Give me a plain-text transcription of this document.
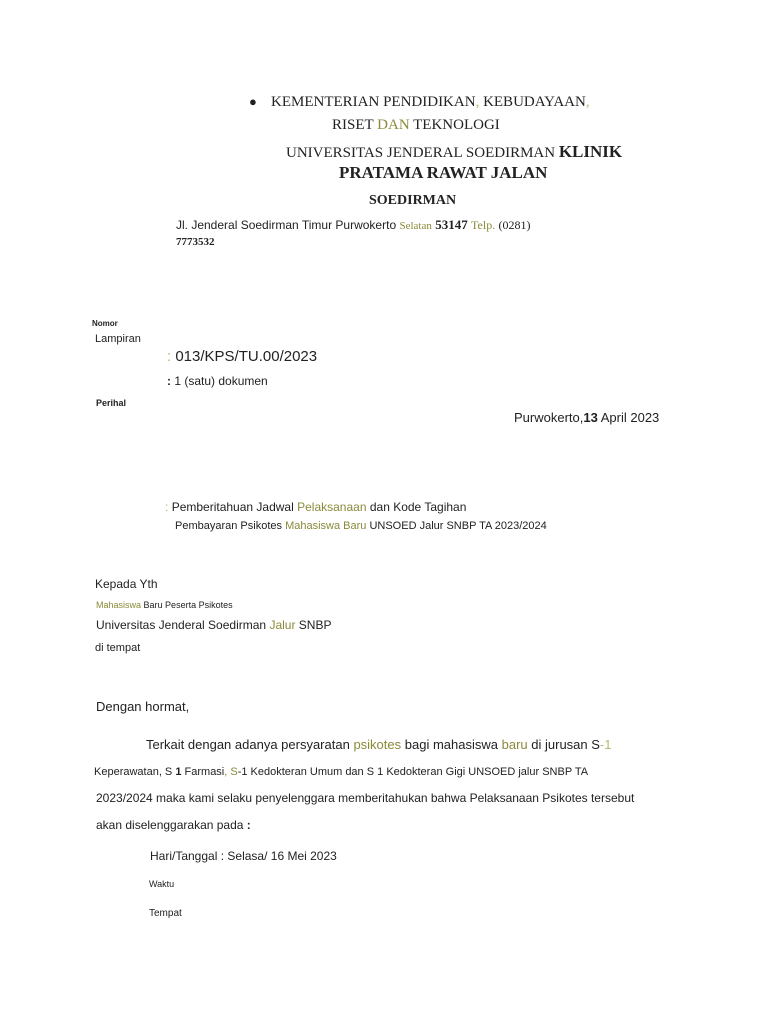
● KEMENTERIAN PENDIDIKAN, KEBUDAYAAN,
RISET DAN TEKNOLOGI
UNIVERSITAS JENDERAL SOEDIRMAN KLINIK
PRATAMA RAWAT JALAN
SOEDIRMAN
Jl. Jenderal Soedirman Timur Purwokerto Selatan 53147 Telp. (0281)
7773532
Nomor
Lampiran
: 013/KPS/TU.00/2023
: 1 (satu) dokumen
Perihal
Purwokerto,13 April 2023
: Pemberitahuan Jadwal Pelaksanaan dan Kode Tagihan
Pembayaran Psikotes Mahasiswa Baru UNSOED Jalur SNBP TA 2023/2024
Kepada Yth
Mahasiswa Baru Peserta Psikotes
Universitas Jenderal Soedirman Jalur SNBP
di tempat
Dengan hormat,
Terkait dengan adanya persyaratan psikotes bagi mahasiswa baru di jurusan S-1
Keperawatan, S 1 Farmasi, S-1 Kedokteran Umum dan S 1 Kedokteran Gigi UNSOED jalur SNBP TA
2023/2024 maka kami selaku penyelenggara memberitahukan bahwa Pelaksanaan Psikotes tersebut
akan diselenggarakan pada :
Hari/Tanggal : Selasa/ 16 Mei 2023
Waktu
Tempat
